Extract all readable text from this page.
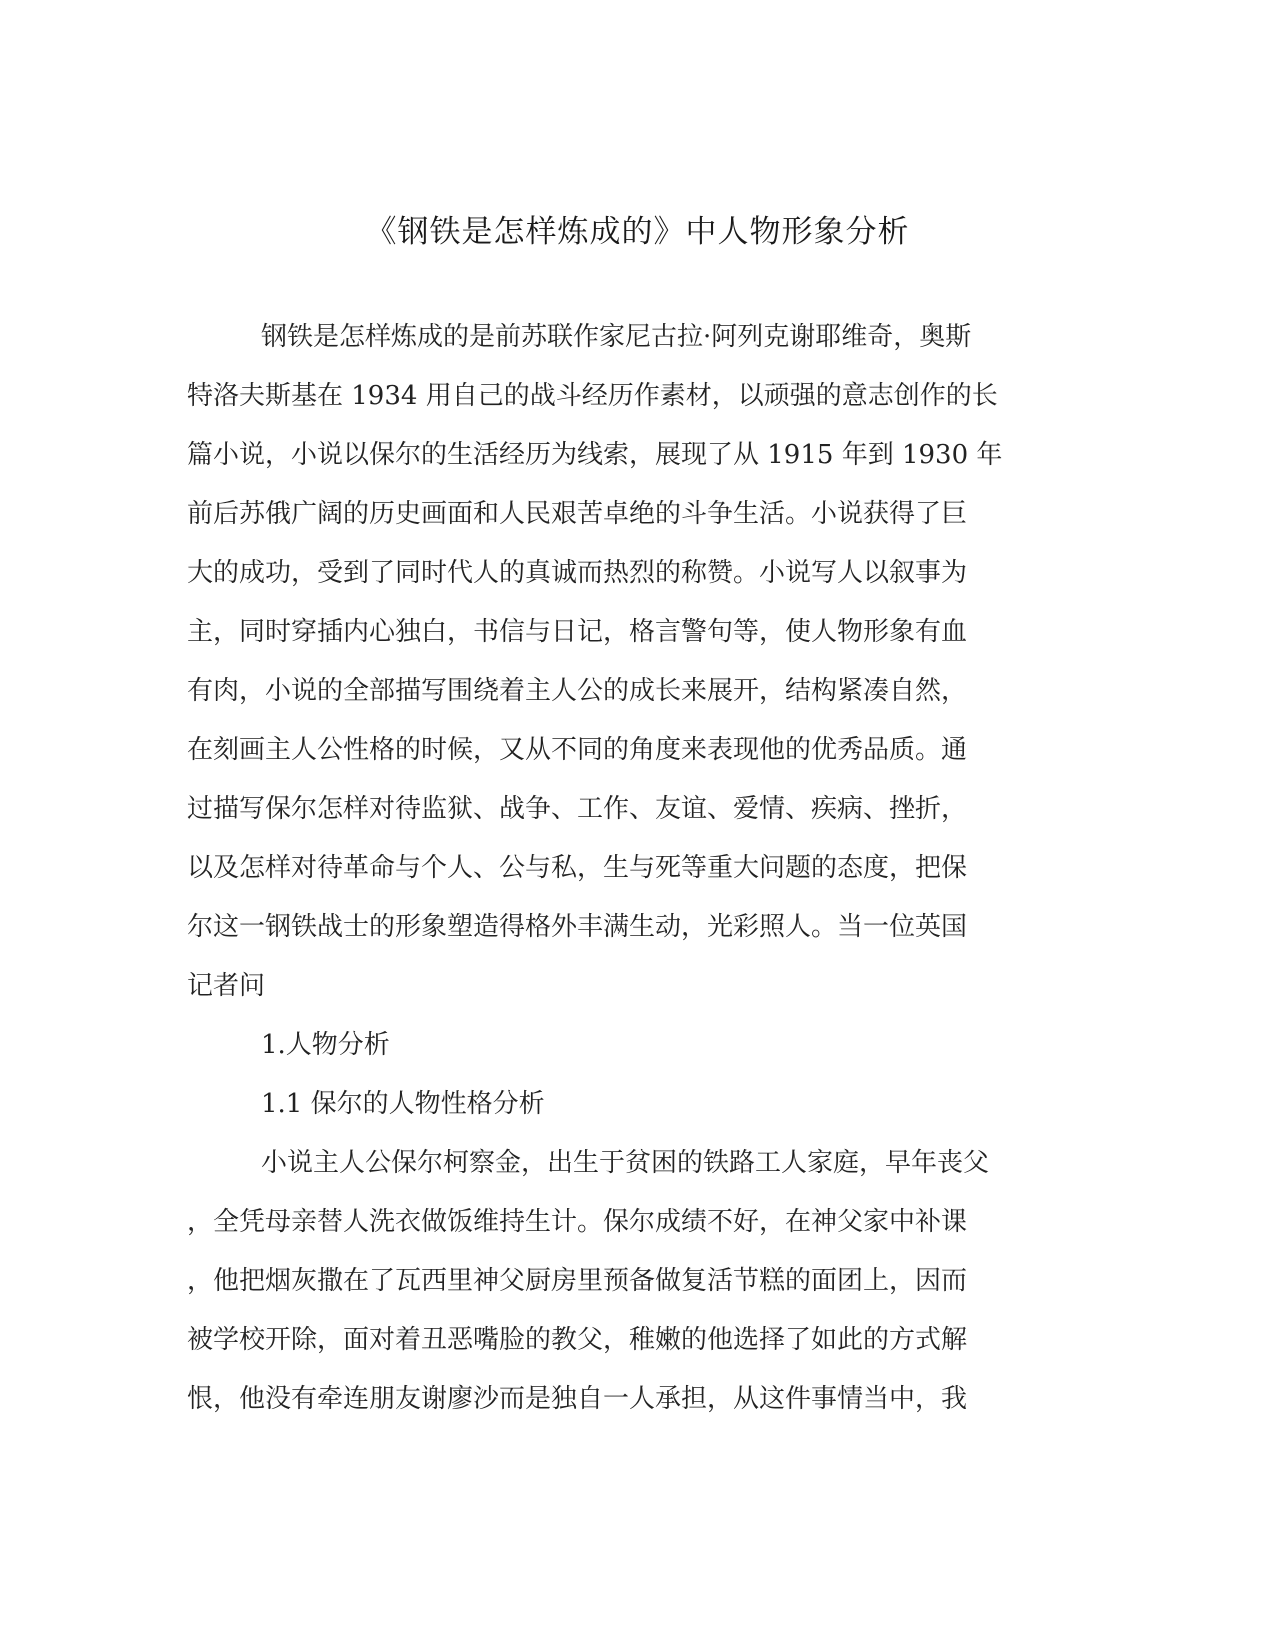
《钢铁是怎样炼成的》中人物形象分析
钢铁是怎样炼成的是前苏联作家尼古拉·阿列克谢耶维奇，奥斯
特洛夫斯基在 1934 用自己的战斗经历作素材，以顽强的意志创作的长
篇小说，小说以保尔的生活经历为线索，展现了从 1915 年到 1930 年
前后苏俄广阔的历史画面和人民艰苦卓绝的斗争生活。小说获得了巨
大的成功，受到了同时代人的真诚而热烈的称赞。小说写人以叙事为
主，同时穿插内心独白，书信与日记，格言警句等，使人物形象有血
有肉，小说的全部描写围绕着主人公的成长来展开，结构紧凑自然，
在刻画主人公性格的时候，又从不同的角度来表现他的优秀品质。通
过描写保尔怎样对待监狱、战争、工作、友谊、爱情、疾病、挫折，
以及怎样对待革命与个人、公与私，生与死等重大问题的态度，把保
尔这一钢铁战士的形象塑造得格外丰满生动，光彩照人。当一位英国
记者问
1.人物分析
1.1 保尔的人物性格分析
小说主人公保尔柯察金，出生于贫困的铁路工人家庭，早年丧父
，全凭母亲替人洗衣做饭维持生计。保尔成绩不好，在神父家中补课
，他把烟灰撒在了瓦西里神父厨房里预备做复活节糕的面团上，因而
被学校开除，面对着丑恶嘴脸的教父，稚嫩的他选择了如此的方式解
恨，他没有牵连朋友谢廖沙而是独自一人承担，从这件事情当中，我
